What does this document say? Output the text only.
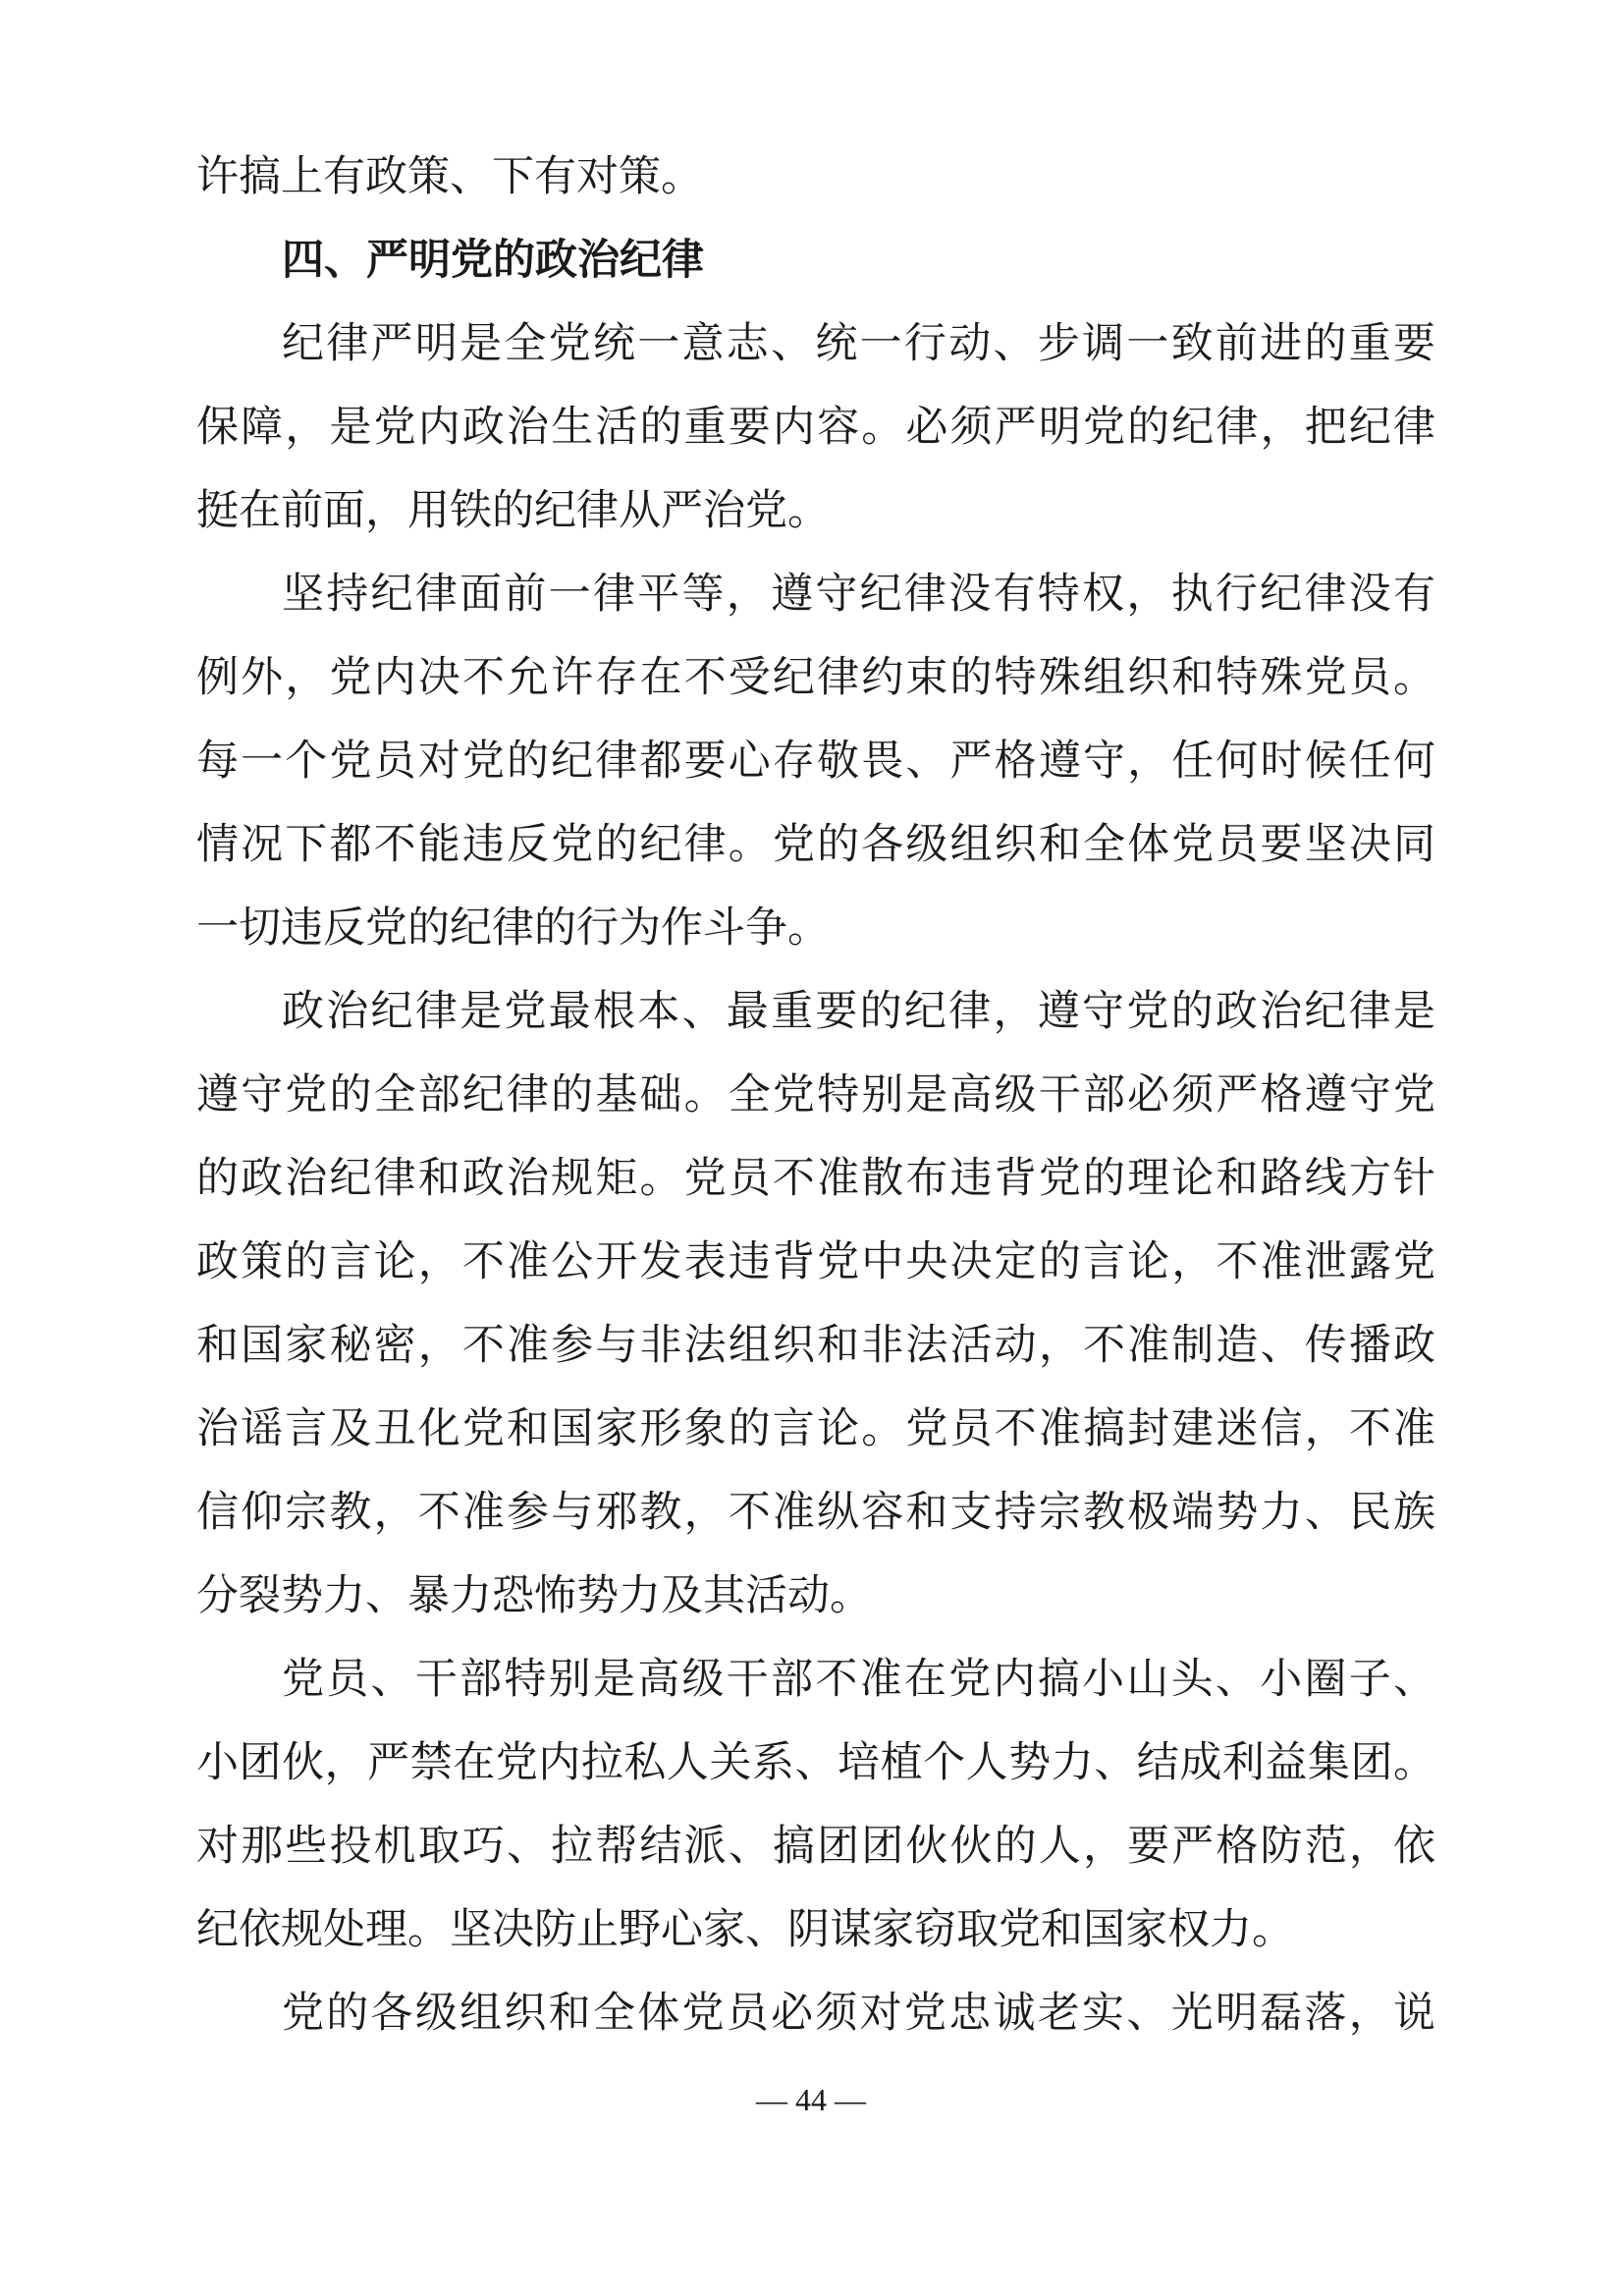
许搞上有政策、下有对策。
四、严明党的政治纪律
纪律严明是全党统一意志、统一行动、步调一致前进的重要
保障，是党内政治生活的重要内容。必须严明党的纪律，把纪律
挺在前面，用铁的纪律从严治党。
坚持纪律面前一律平等，遵守纪律没有特权，执行纪律没有
例外，党内决不允许存在不受纪律约束的特殊组织和特殊党员。
每一个党员对党的纪律都要心存敬畏、严格遵守，任何时候任何
情况下都不能违反党的纪律。党的各级组织和全体党员要坚决同
一切违反党的纪律的行为作斗争。
政治纪律是党最根本、最重要的纪律，遵守党的政治纪律是
遵守党的全部纪律的基础。全党特别是高级干部必须严格遵守党
的政治纪律和政治规矩。党员不准散布违背党的理论和路线方针
政策的言论，不准公开发表违背党中央决定的言论，不准泄露党
和国家秘密，不准参与非法组织和非法活动，不准制造、传播政
治谣言及丑化党和国家形象的言论。党员不准搞封建迷信，不准
信仰宗教，不准参与邪教，不准纵容和支持宗教极端势力、民族
分裂势力、暴力恐怖势力及其活动。
党员、干部特别是高级干部不准在党内搞小山头、小圈子、
小团伙，严禁在党内拉私人关系、培植个人势力、结成利益集团。
对那些投机取巧、拉帮结派、搞团团伙伙的人，要严格防范，依
纪依规处理。坚决防止野心家、阴谋家窃取党和国家权力。
— 44 —
党的各级组织和全体党员必须对党忠诚老实、光明磊落，说
